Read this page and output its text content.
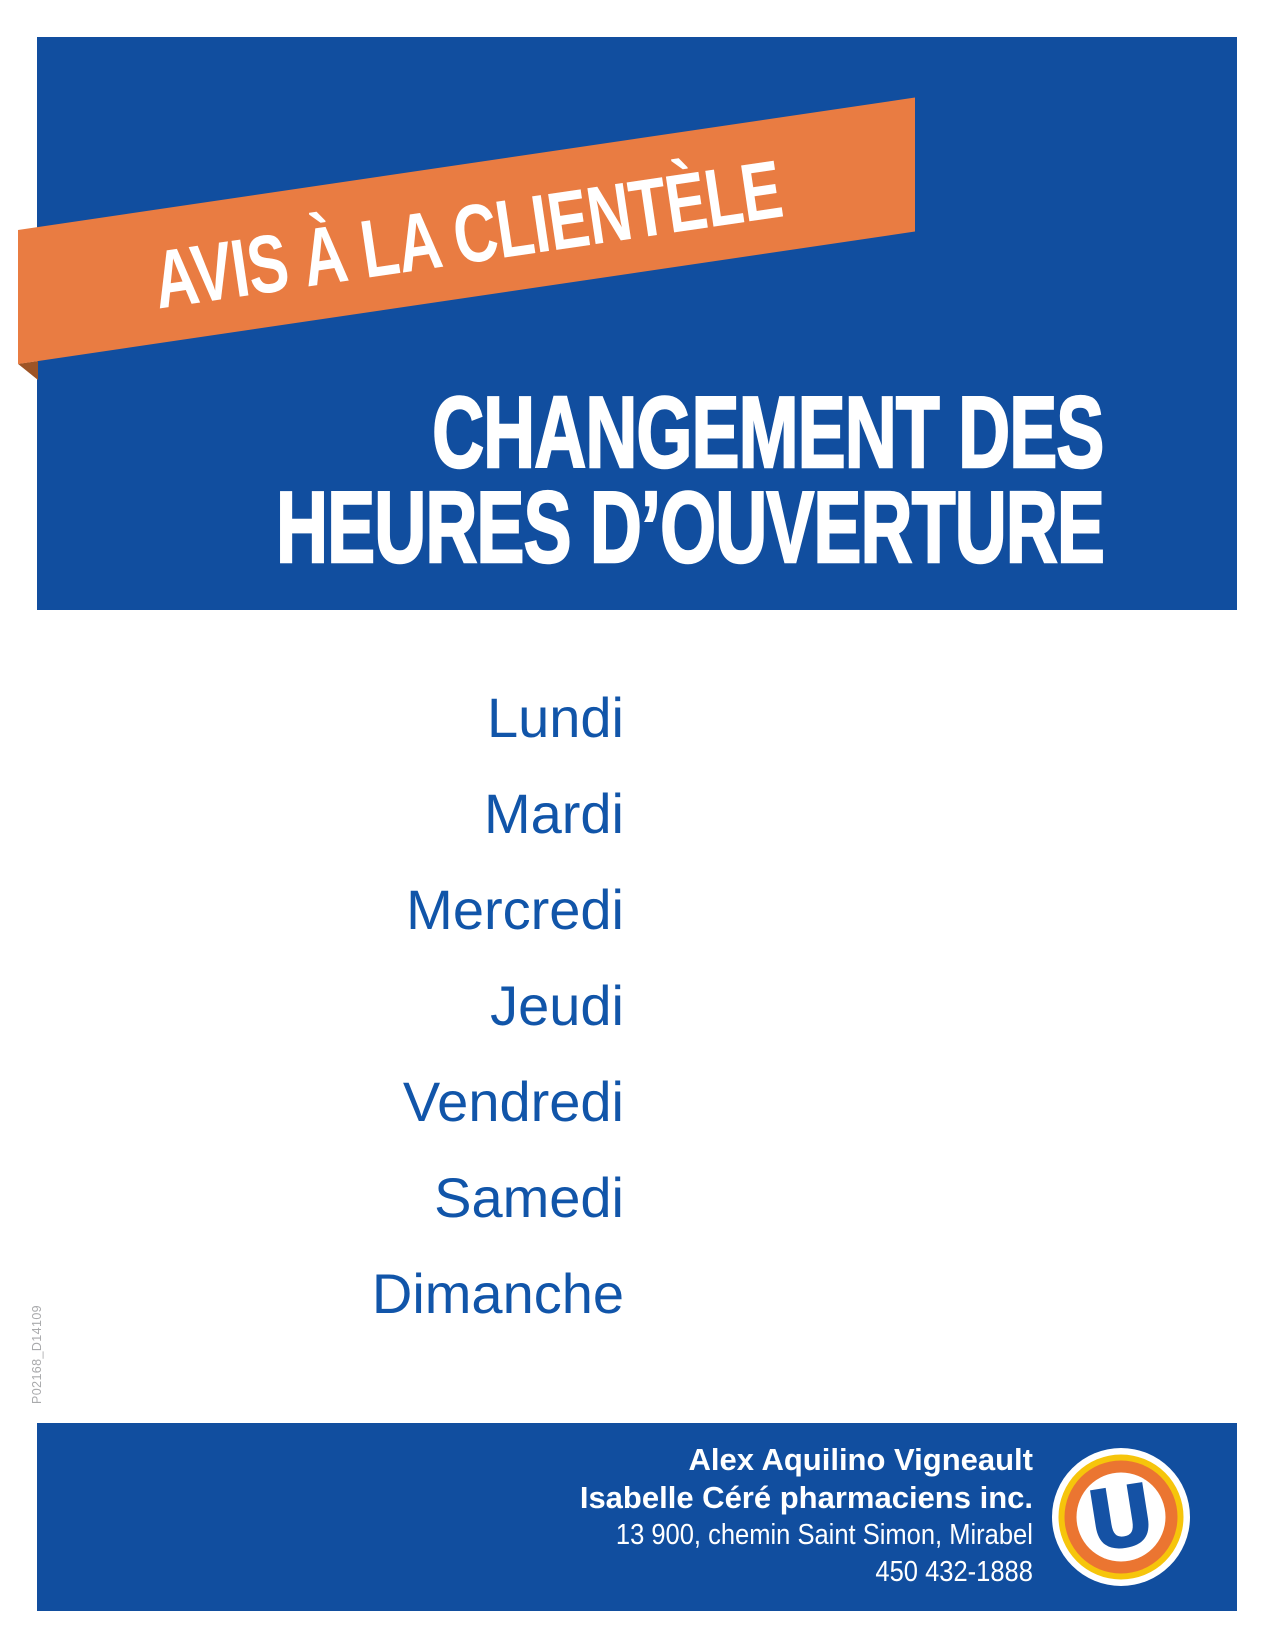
AVIS À LA CLIENTÈLE
CHANGEMENT DES
HEURES D’OUVERTURE
Lundi
Mardi
Mercredi
Jeudi
Vendredi
Samedi
Dimanche
P02168_D14109
Alex Aquilino Vigneault
Isabelle Céré pharmaciens inc.
13 900, chemin Saint Simon, Mirabel
450 432-1888
U
